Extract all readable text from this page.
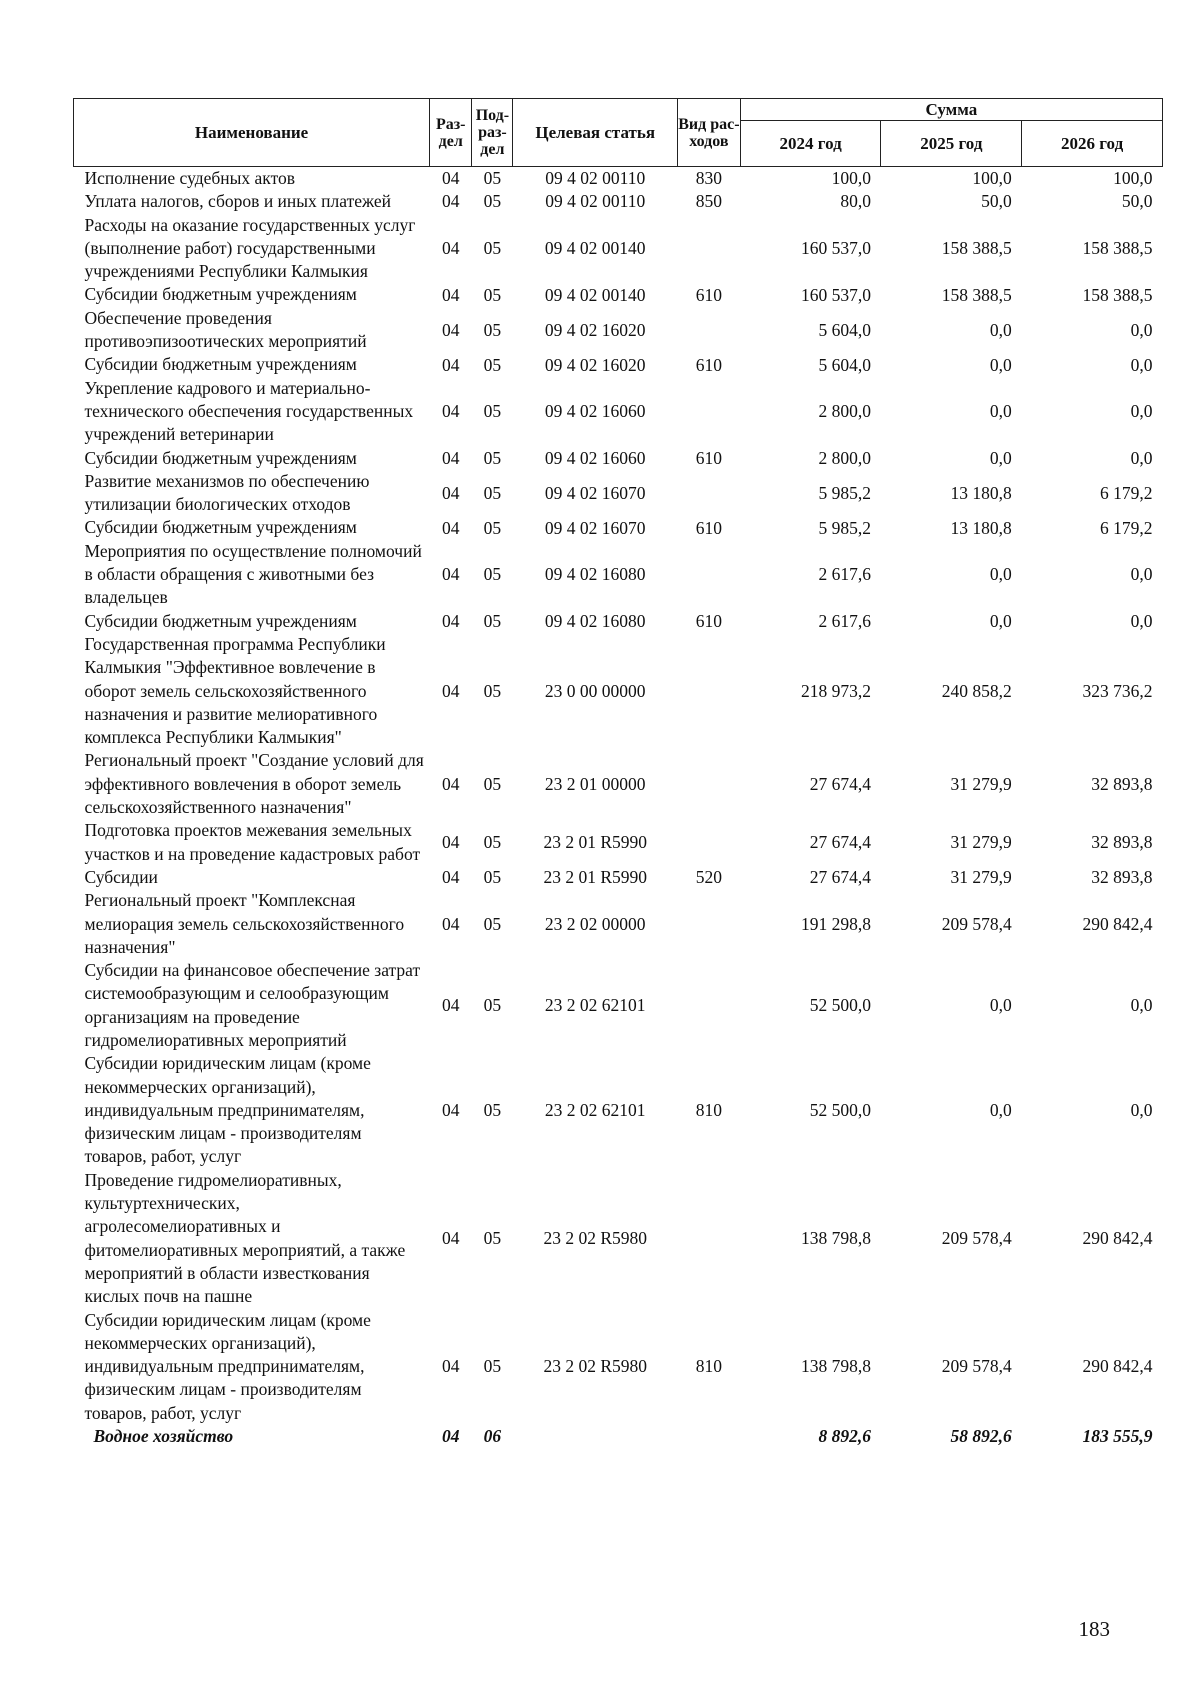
Наименование	Раз-дел	Под-раз-дел	Целевая статья	Вид рас-ходов	Сумма		
					2024 год	2025 год	2026 год
Исполнение судебных актов	04	05	09 4 02 00110	830	100,0	100,0	100,0
Уплата налогов, сборов и иных платежей	04	05	09 4 02 00110	850	80,0	50,0	50,0
Расходы на оказание государственных услуг (выполнение работ) государственными учреждениями Республики Калмыкия	04	05	09 4 02 00140		160 537,0	158 388,5	158 388,5
Субсидии бюджетным учреждениям	04	05	09 4 02 00140	610	160 537,0	158 388,5	158 388,5
Обеспечение проведения противоэпизоотических мероприятий	04	05	09 4 02 16020		5 604,0	0,0	0,0
Субсидии бюджетным учреждениям	04	05	09 4 02 16020	610	5 604,0	0,0	0,0
Укрепление кадрового и материально-технического обеспечения государственных учреждений ветеринарии	04	05	09 4 02 16060		2 800,0	0,0	0,0
Субсидии бюджетным учреждениям	04	05	09 4 02 16060	610	2 800,0	0,0	0,0
Развитие механизмов по обеспечению утилизации биологических отходов	04	05	09 4 02 16070		5 985,2	13 180,8	6 179,2
Субсидии бюджетным учреждениям	04	05	09 4 02 16070	610	5 985,2	13 180,8	6 179,2
Мероприятия по осуществление полномочий в области обращения с животными без владельцев	04	05	09 4 02 16080		2 617,6	0,0	0,0
Субсидии бюджетным учреждениям	04	05	09 4 02 16080	610	2 617,6	0,0	0,0
Государственная программа Республики Калмыкия "Эффективное вовлечение в оборот земель сельскохозяйственного назначения и развитие мелиоративного комплекса Республики Калмыкия"	04	05	23 0 00 00000		218 973,2	240 858,2	323 736,2
Региональный проект "Создание условий для эффективного вовлечения в оборот земель сельскохозяйственного назначения"	04	05	23 2 01 00000		27 674,4	31 279,9	32 893,8
Подготовка проектов межевания земельных участков и на проведение кадастровых работ	04	05	23 2 01 R5990		27 674,4	31 279,9	32 893,8
Субсидии	04	05	23 2 01 R5990	520	27 674,4	31 279,9	32 893,8
Региональный проект "Комплексная мелиорация земель сельскохозяйственного назначения"	04	05	23 2 02 00000		191 298,8	209 578,4	290 842,4
Субсидии на финансовое обеспечение затрат системообразующим и селообразующим организациям на проведение гидромелиоративных мероприятий	04	05	23 2 02 62101		52 500,0	0,0	0,0
Субсидии юридическим лицам (кроме некоммерческих организаций), индивидуальным предпринимателям, физическим лицам - производителям товаров, работ, услуг	04	05	23 2 02 62101	810	52 500,0	0,0	0,0
Проведение гидромелиоративных, культуртехнических, агролесомелиоративных и фитомелиоративных мероприятий, а также мероприятий в области известкования кислых почв на пашне	04	05	23 2 02 R5980		138 798,8	209 578,4	290 842,4
Субсидии юридическим лицам (кроме некоммерческих организаций), индивидуальным предпринимателям, физическим лицам - производителям товаров, работ, услуг	04	05	23 2 02 R5980	810	138 798,8	209 578,4	290 842,4
Водное хозяйство	04	06			8 892,6	58 892,6	183 555,9
183
